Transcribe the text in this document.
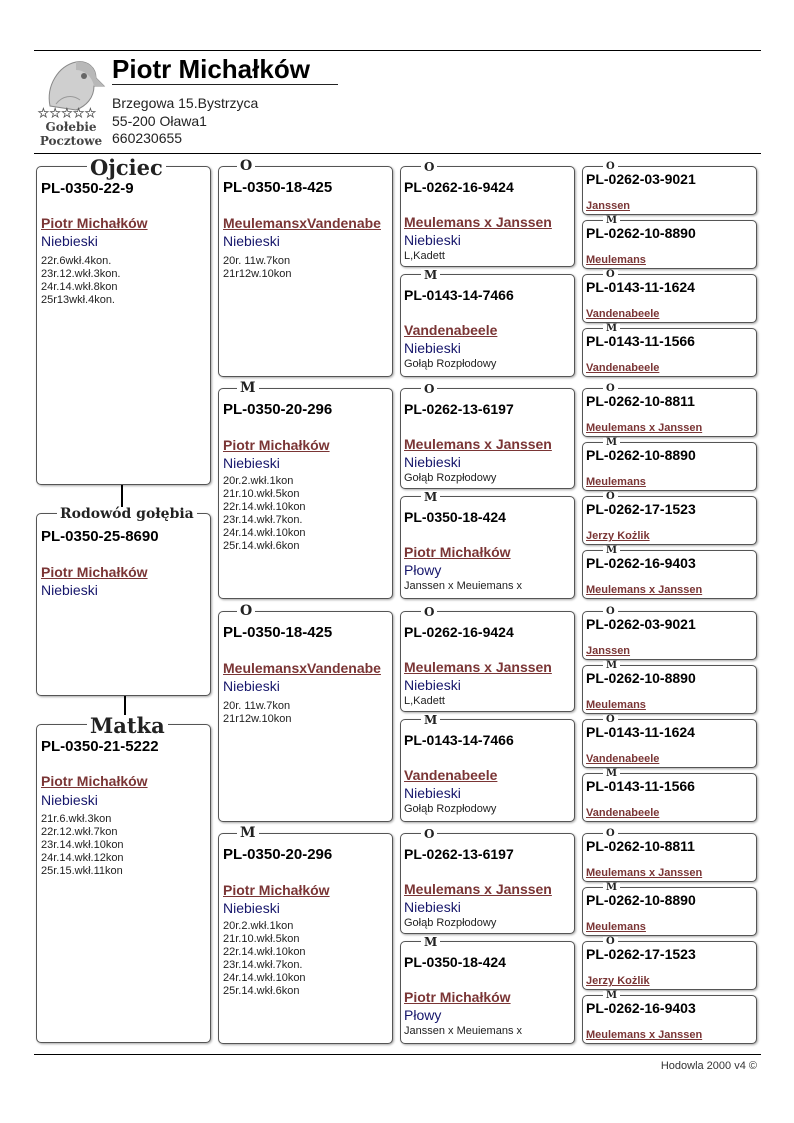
★★★★★
Gołebie
Pocztowe
Piotr Michałków
Brzegowa 15.Bystrzyca
55-200 Oława1
660230655
Ojciec
PL-0350-22-9
Piotr Michałków
Niebieski
22r.6wkł.4kon.
23r.12.wkł.3kon.
24r.14.wkł.8kon
25r13wkł.4kon.
Rodowód gołębia
PL-0350-25-8690
Piotr Michałków
Niebieski
Matka
PL-0350-21-5222
Piotr Michałków
Niebieski
21r.6.wkł.3kon
22r.12.wkł.7kon
23r.14.wkł.10kon
24r.14.wkł.12kon
25r.15.wkł.11kon
O
PL-0350-18-425
MeulemansxVandenabe
Niebieski
20r. 11w.7kon
21r12w.10kon
M
PL-0350-20-296
Piotr Michałków
Niebieski
20r.2.wkł.1kon
21r.10.wkł.5kon
22r.14.wkł.10kon
23r.14.wkł.7kon.
24r.14.wkł.10kon
25r.14.wkł.6kon
O
PL-0350-18-425
MeulemansxVandenabe
Niebieski
20r. 11w.7kon
21r12w.10kon
M
PL-0350-20-296
Piotr Michałków
Niebieski
20r.2.wkł.1kon
21r.10.wkł.5kon
22r.14.wkł.10kon
23r.14.wkł.7kon.
24r.14.wkł.10kon
25r.14.wkł.6kon
O
PL-0262-16-9424
Meulemans x Janssen
Niebieski
L,Kadett
M
PL-0143-14-7466
Vandenabeele
Niebieski
Gołąb Rozpłodowy
O
PL-0262-13-6197
Meulemans x Janssen
Niebieski
Gołąb Rozpłodowy
M
PL-0350-18-424
Piotr Michałków
Płowy
Janssen x Meuiemans x
O
PL-0262-16-9424
Meulemans x Janssen
Niebieski
L,Kadett
M
PL-0143-14-7466
Vandenabeele
Niebieski
Gołąb Rozpłodowy
O
PL-0262-13-6197
Meulemans x Janssen
Niebieski
Gołąb Rozpłodowy
M
PL-0350-18-424
Piotr Michałków
Płowy
Janssen x Meuiemans x
O
PL-0262-03-9021
Janssen
M
PL-0262-10-8890
Meulemans
O
PL-0143-11-1624
Vandenabeele
M
PL-0143-11-1566
Vandenabeele
O
PL-0262-10-8811
Meulemans x Janssen
M
PL-0262-10-8890
Meulemans
O
PL-0262-17-1523
Jerzy Kożlik
M
PL-0262-16-9403
Meulemans x Janssen
O
PL-0262-03-9021
Janssen
M
PL-0262-10-8890
Meulemans
O
PL-0143-11-1624
Vandenabeele
M
PL-0143-11-1566
Vandenabeele
O
PL-0262-10-8811
Meulemans x Janssen
M
PL-0262-10-8890
Meulemans
O
PL-0262-17-1523
Jerzy Kożlik
M
PL-0262-16-9403
Meulemans x Janssen
Hodowla 2000 v4 ©
